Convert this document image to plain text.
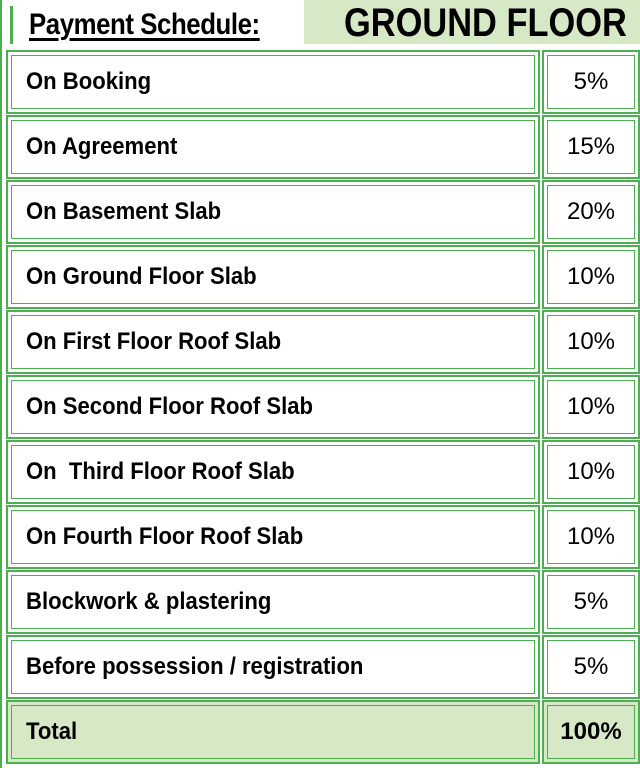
Payment Schedule: GROUND FLOOR
On Booking	5%
On Agreement	15%
On Basement Slab	20%
On Ground Floor Slab	10%
On First Floor Roof Slab	10%
On Second Floor Roof Slab	10%
On  Third Floor Roof Slab	10%
On Fourth Floor Roof Slab	10%
Blockwork & plastering	5%
Before possession / registration	5%
Total	100%
